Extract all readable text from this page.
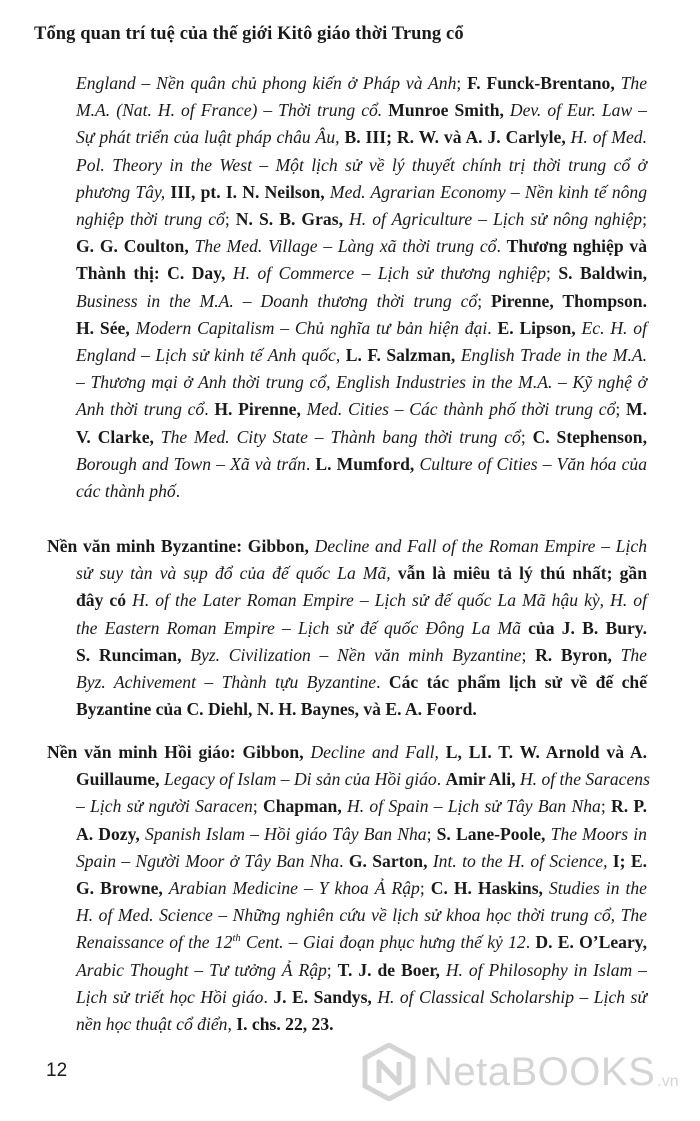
Tổng quan trí tuệ của thế giới Kitô giáo thời Trung cổ
England – Nền quân chủ phong kiến ở Pháp và Anh; F. Funck-Brentano, The
M.A. (Nat. H. of France) – Thời trung cổ. Munroe Smith, Dev. of Eur. Law –
Sự phát triển của luật pháp châu Âu, B. III; R. W. và A. J. Carlyle, H. of Med.
Pol. Theory in the West – Một lịch sử về lý thuyết chính trị thời trung cổ ở
phương Tây, III, pt. I. N. Neilson, Med. Agrarian Economy – Nền kinh tế nông
nghiệp thời trung cổ; N. S. B. Gras, H. of Agriculture – Lịch sử nông nghiệp;
G. G. Coulton, The Med. Village – Làng xã thời trung cổ. Thương nghiệp và
Thành thị: C. Day, H. of Commerce – Lịch sử thương nghiệp; S. Baldwin,
Business in the M.A. – Doanh thương thời trung cổ; Pirenne, Thompson.
H. Sée, Modern Capitalism – Chủ nghĩa tư bản hiện đại. E. Lipson, Ec. H. of
England – Lịch sử kinh tế Anh quốc, L. F. Salzman, English Trade in the M.A.
– Thương mại ở Anh thời trung cổ, English Industries in the M.A. – Kỹ nghệ ở
Anh thời trung cổ. H. Pirenne, Med. Cities – Các thành phố thời trung cổ; M.
V. Clarke, The Med. City State – Thành bang thời trung cổ; C. Stephenson,
Borough and Town – Xã và trấn. L. Mumford, Culture of Cities – Văn hóa của
các thành phố.
Nền văn minh Byzantine: Gibbon, Decline and Fall of the Roman Empire – Lịch
sử suy tàn và sụp đổ của đế quốc La Mã, vẫn là miêu tả lý thú nhất; gần
đây có H. of the Later Roman Empire – Lịch sử đế quốc La Mã hậu kỳ, H. of
the Eastern Roman Empire – Lịch sử đế quốc Đông La Mã của J. B. Bury.
S. Runciman, Byz. Civilization – Nền văn minh Byzantine; R. Byron, The
Byz. Achivement – Thành tựu Byzantine. Các tác phẩm lịch sử về đế chế
Byzantine của C. Diehl, N. H. Baynes, và E. A. Foord.
Nền văn minh Hồi giáo: Gibbon, Decline and Fall, L, LI. T. W. Arnold và A.
Guillaume, Legacy of Islam – Di sản của Hồi giáo. Amir Ali, H. of the Saracens
– Lịch sử người Saracen; Chapman, H. of Spain – Lịch sử Tây Ban Nha; R. P.
A. Dozy, Spanish Islam – Hồi giáo Tây Ban Nha; S. Lane-Poole, The Moors in
Spain – Người Moor ở Tây Ban Nha. G. Sarton, Int. to the H. of Science, I; E.
G. Browne, Arabian Medicine – Y khoa Ả Rập; C. H. Haskins, Studies in the
H. of Med. Science – Những nghiên cứu về lịch sử khoa học thời trung cổ, The
Renaissance of the 12th Cent. – Giai đoạn phục hưng thế kỷ 12. D. E. O’Leary,
Arabic Thought – Tư tưởng Ả Rập; T. J. de Boer, H. of Philosophy in Islam –
Lịch sử triết học Hồi giáo. J. E. Sandys, H. of Classical Scholarship – Lịch sử
nền học thuật cổ điển, I. chs. 22, 23.
12	NetaBOOKS .vn
